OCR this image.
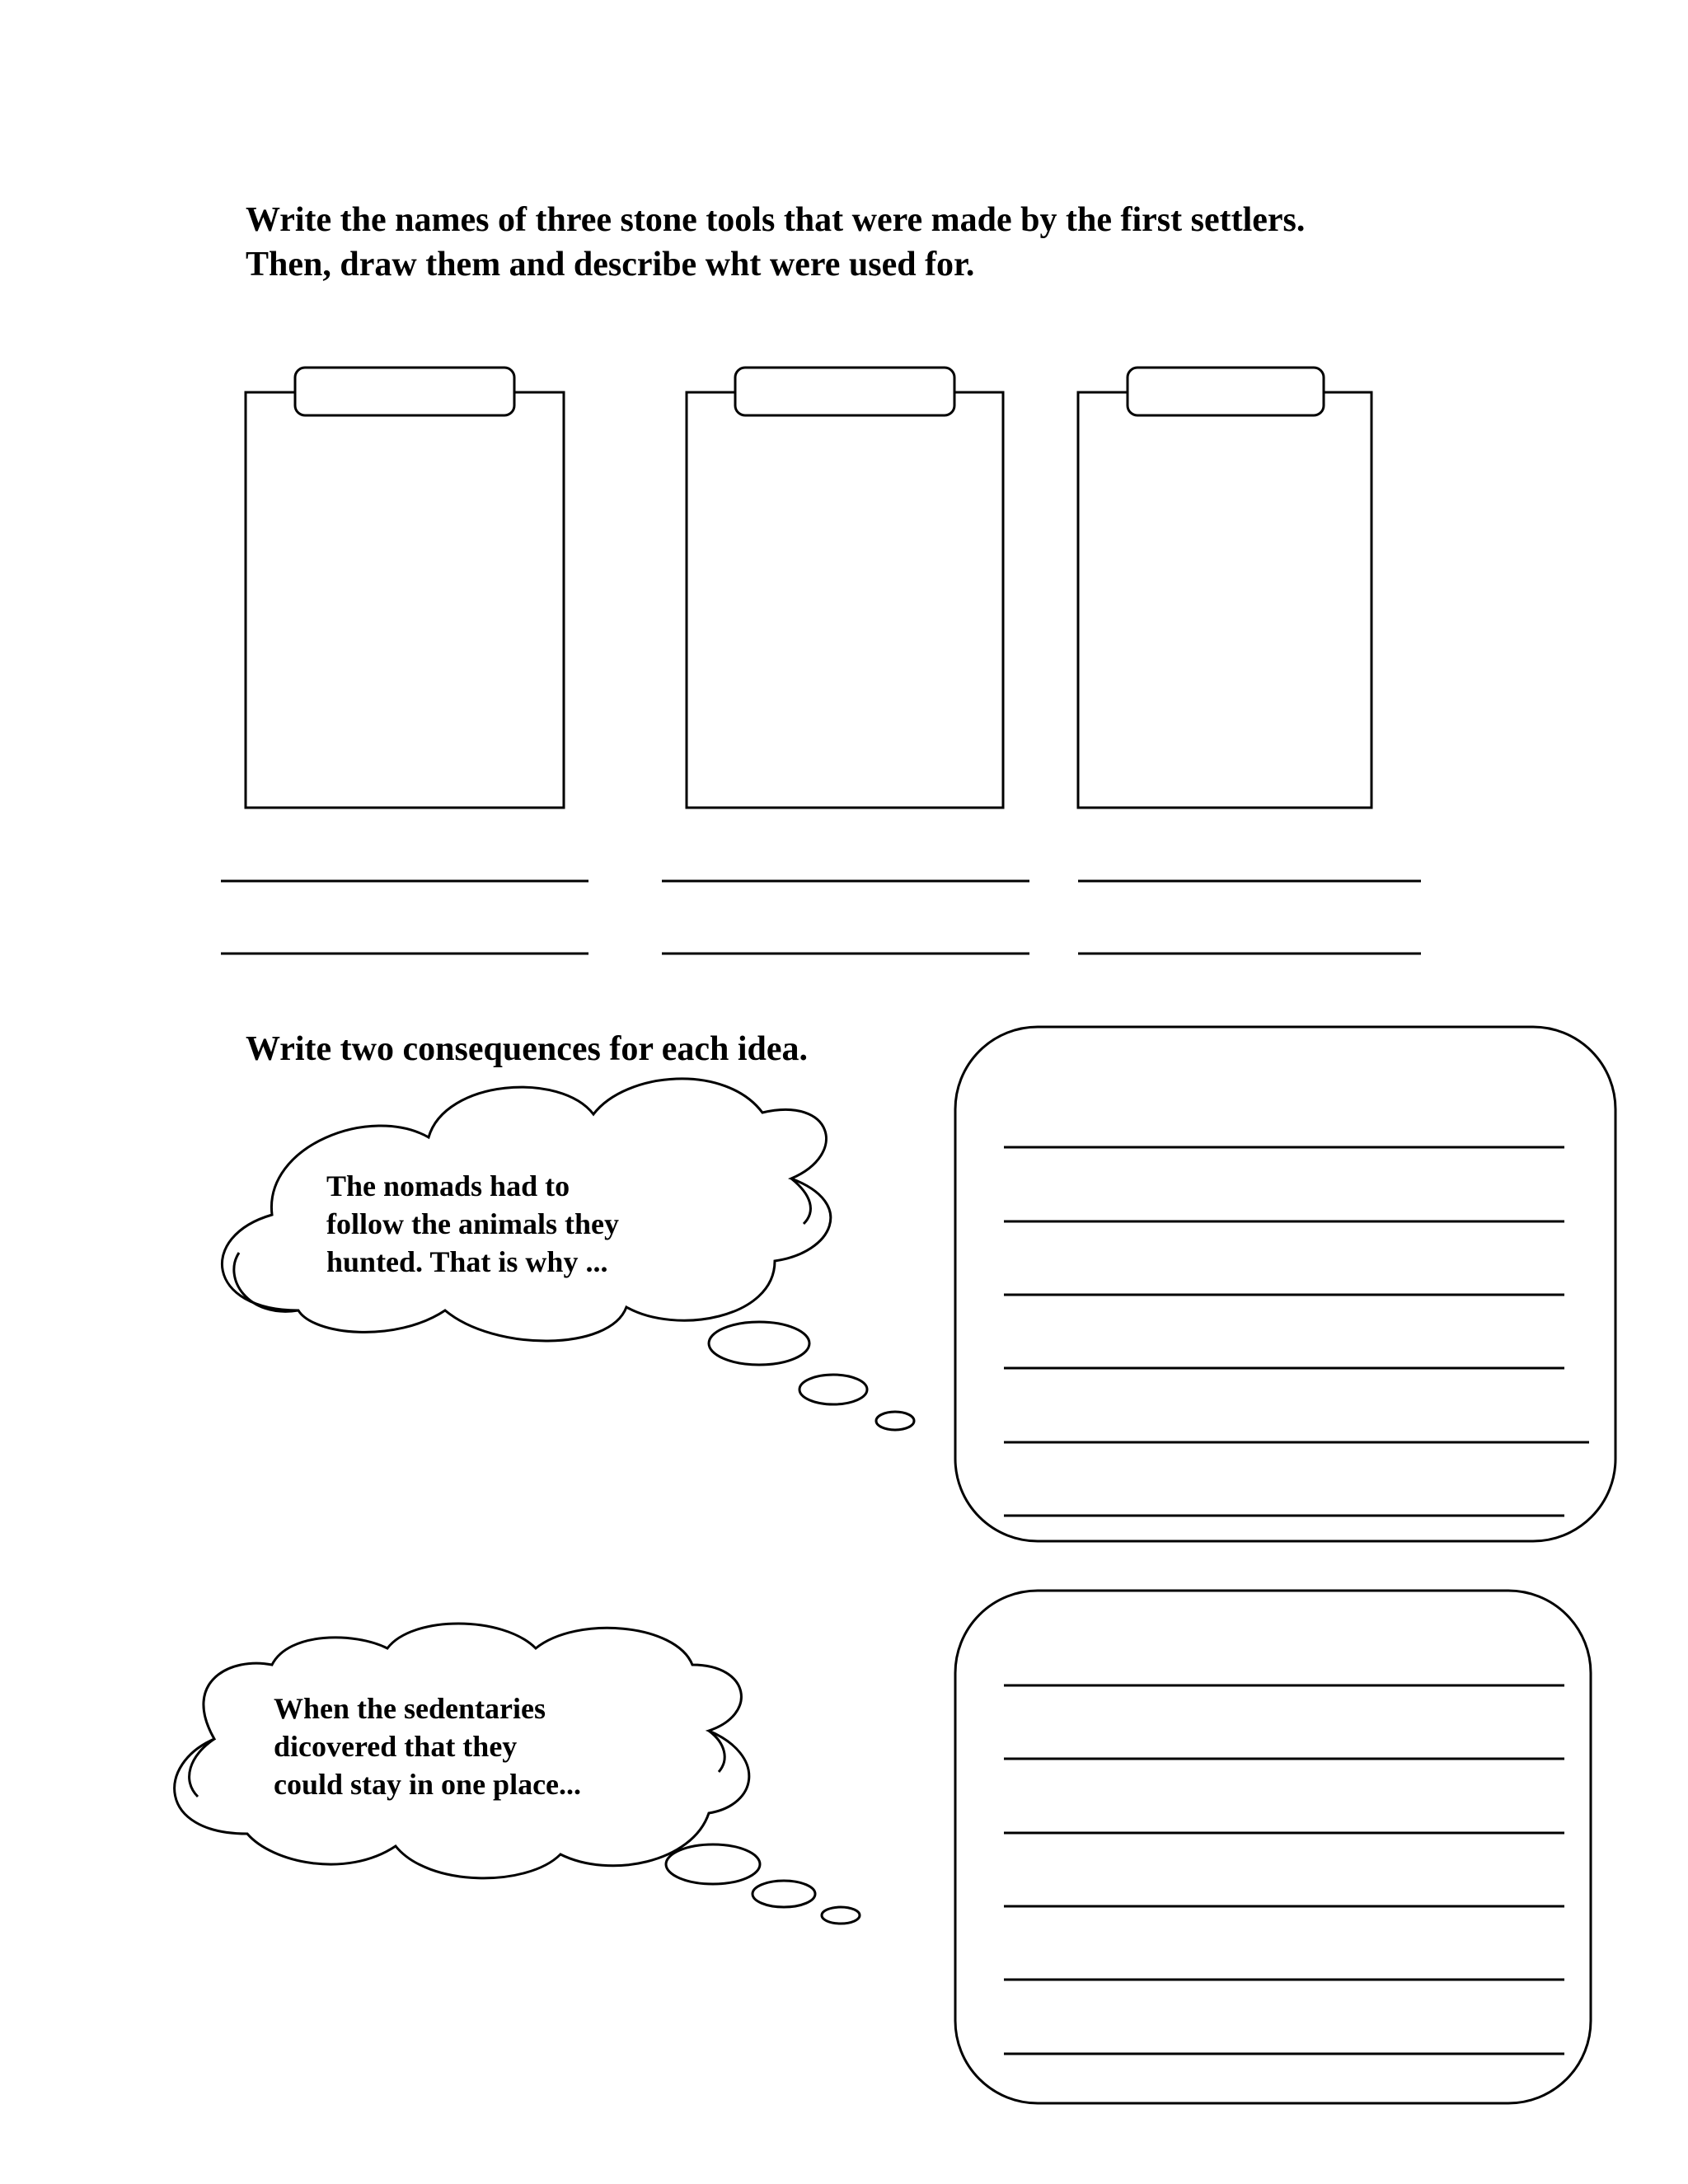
Write the names of three stone tools that were made by the first settlers.
Then, draw them and describe wht were used for.

Write two consequences for each idea.

The nomads had to
follow the animals they
hunted. That is why ...
When the sedentaries
dicovered that they
could stay in one place...
